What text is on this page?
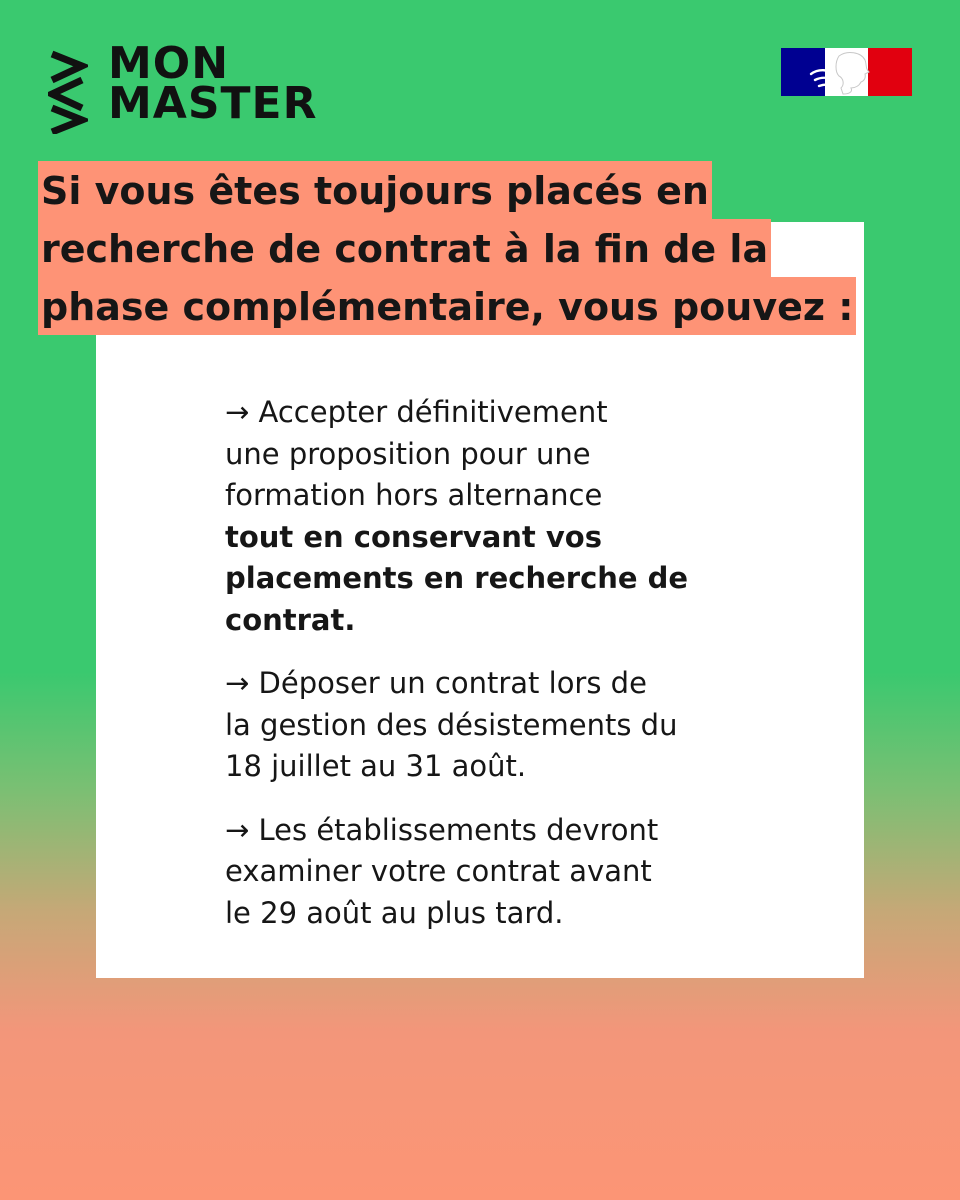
MON
MASTER
Si vous êtes toujours placés en
recherche de contrat à la fin de la
phase complémentaire, vous pouvez :

→ Accepter définitivement
une proposition pour une
formation hors alternance
tout en conservant vos
placements en recherche de
contrat.

→ Déposer un contrat lors de
la gestion des désistements du
18 juillet au 31 août.

→ Les établissements devront
examiner votre contrat avant
le 29 août au plus tard.
